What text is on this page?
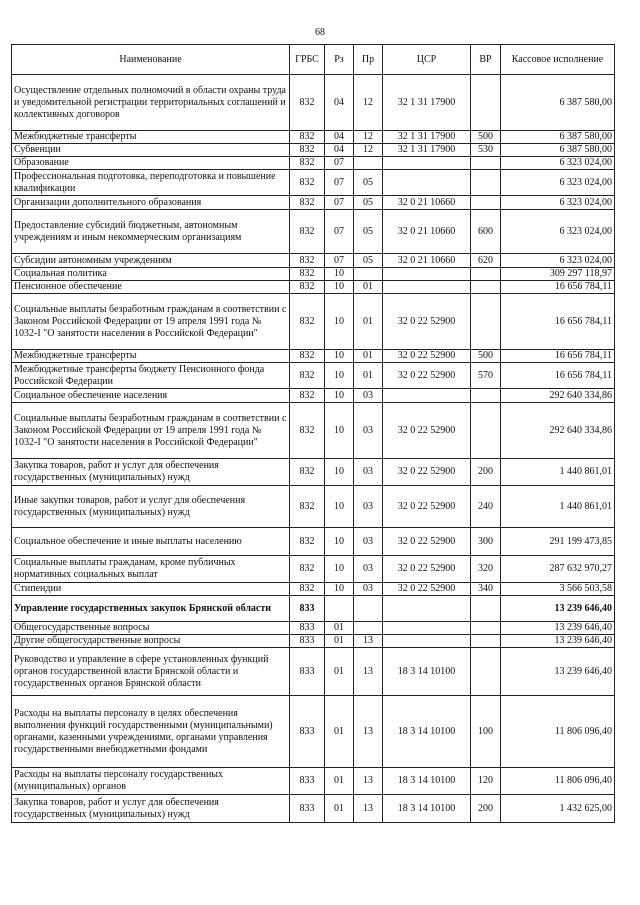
68
Наименование	ГРБС	Рз	Пр	ЦСР	ВР	Кассовое исполнение
Осуществление отдельных полномочий в области охраны труда и уведомительной регистрации территориальных соглашений и коллективных договоров	832	04	12	32 1 31 17900		6 387 580,00
Межбюджетные трансферты	832	04	12	32 1 31 17900	500	6 387 580,00
Субвенции	832	04	12	32 1 31 17900	530	6 387 580,00
Образование	832	07				6 323 024,00
Профессиональная подготовка, переподготовка и повышение квалификации	832	07	05			6 323 024,00
Организации дополнительного образования	832	07	05	32 0 21 10660		6 323 024,00
Предоставление субсидий бюджетным, автономным учреждениям и иным некоммерческим организациям	832	07	05	32 0 21 10660	600	6 323 024,00
Субсидии автономным учреждениям	832	07	05	32 0 21 10660	620	6 323 024,00
Социальная политика	832	10				309 297 118,97
Пенсионное обеспечение	832	10	01			16 656 784,11
Социальные выплаты безработным гражданам в соответствии с Законом Российской Федерации от 19 апреля 1991 года № 1032-I "О занятости населения в Российской Федерации"	832	10	01	32 0 22 52900		16 656 784,11
Межбюджетные трансферты	832	10	01	32 0 22 52900	500	16 656 784,11
Межбюджетные трансферты бюджету Пенсионного фонда Российской Федерации	832	10	01	32 0 22 52900	570	16 656 784,11
Социальное обеспечение населения	832	10	03			292 640 334,86
Социальные выплаты безработным гражданам в соответствии с Законом Российской Федерации от 19 апреля 1991 года № 1032-I "О занятости населения в Российской Федерации"	832	10	03	32 0 22 52900		292 640 334,86
Закупка товаров, работ и услуг для обеспечения государственных (муниципальных) нужд	832	10	03	32 0 22 52900	200	1 440 861,01
Иные закупки товаров, работ и услуг для обеспечения государственных (муниципальных) нужд	832	10	03	32 0 22 52900	240	1 440 861,01
Социальное обеспечение и иные выплаты населению	832	10	03	32 0 22 52900	300	291 199 473,85
Социальные выплаты гражданам, кроме публичных нормативных социальных выплат	832	10	03	32 0 22 52900	320	287 632 970,27
Стипендии	832	10	03	32 0 22 52900	340	3 566 503,58
Управление государственных закупок Брянской области	833					13 239 646,40
Общегосударственные вопросы	833	01				13 239 646,40
Другие общегосударственные вопросы	833	01	13			13 239 646,40
Руководство и управление в сфере установленных функций органов государственной власти Брянской области и государственных органов Брянской области	833	01	13	18 3 14 10100		13 239 646,40
Расходы на выплаты персоналу в целях обеспечения выполнения функций государственными (муниципальными) органами, казенными учреждениями, органами управления государственными внебюджетными фондами	833	01	13	18 3 14 10100	100	11 806 096,40
Расходы на выплаты персоналу государственных (муниципальных) органов	833	01	13	18 3 14 10100	120	11 806 096,40
Закупка товаров, работ и услуг для обеспечения государственных (муниципальных) нужд	833	01	13	18 3 14 10100	200	1 432 625,00
